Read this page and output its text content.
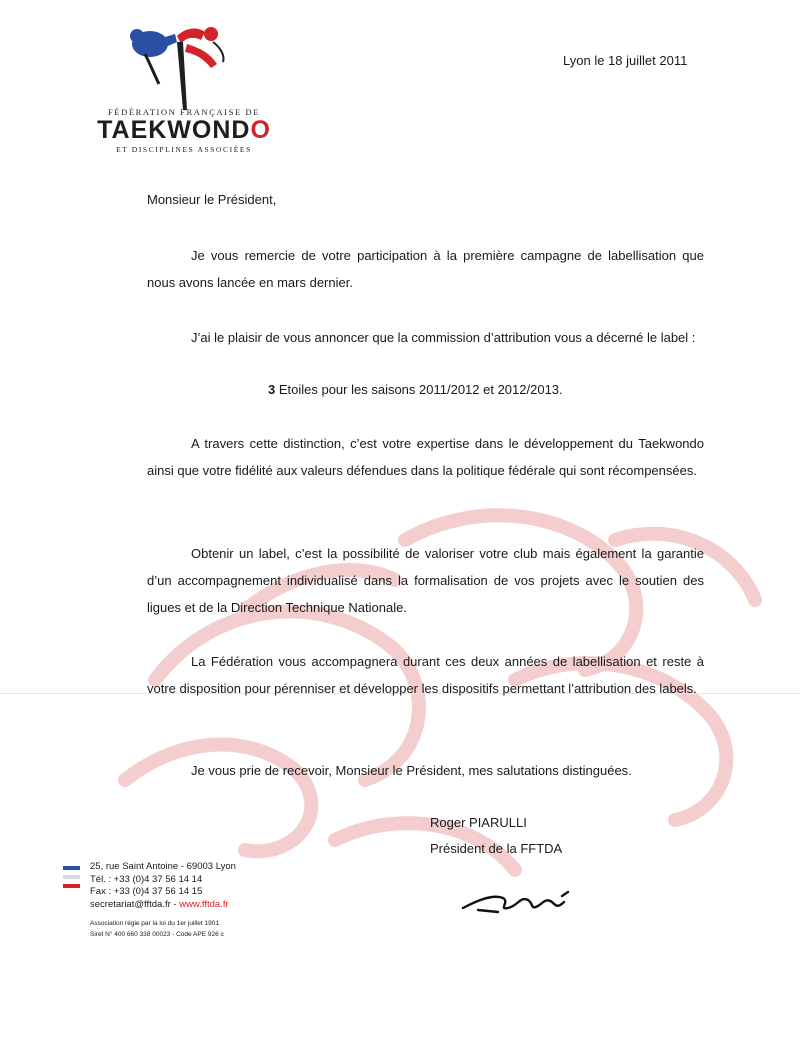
FÉDÉRATION FRANÇAISE DE
TAEKWONDO
ET DISCIPLINES ASSOCIÉES
Lyon le 18 juillet 2011
Monsieur le Président,
Je vous remercie de votre participation à la première campagne de labellisation que nous avons lancée en mars dernier.
J’ai le plaisir de vous annoncer que la commission d’attribution vous a décerné le label :
3 Etoiles pour les saisons 2011/2012 et 2012/2013.
A travers cette distinction, c’est votre expertise dans le développement du Taekwondo ainsi que votre fidélité aux valeurs défendues dans la politique fédérale qui sont récompensées.
Obtenir un label, c’est la possibilité de valoriser votre club mais également la garantie d’un accompagnement individualisé dans la formalisation de vos projets avec le soutien des ligues et de la Direction Technique Nationale.
La Fédération vous accompagnera durant ces deux années de labellisation et reste à votre disposition pour pérenniser et développer les dispositifs permettant l’attribution des labels.
Je vous prie de recevoir, Monsieur le Président, mes salutations distinguées.
Roger PIARULLI
Président de la FFTDA
25, rue Saint Antoine - 69003 Lyon
Tél. : +33 (0)4 37 56 14 14
Fax : +33 (0)4 37 56 14 15
secretariat@fftda.fr - www.fftda.fr
Association régie par la loi du 1er juillet 1901
Siret N° 400 660 338 00023 - Code APE 926 c
